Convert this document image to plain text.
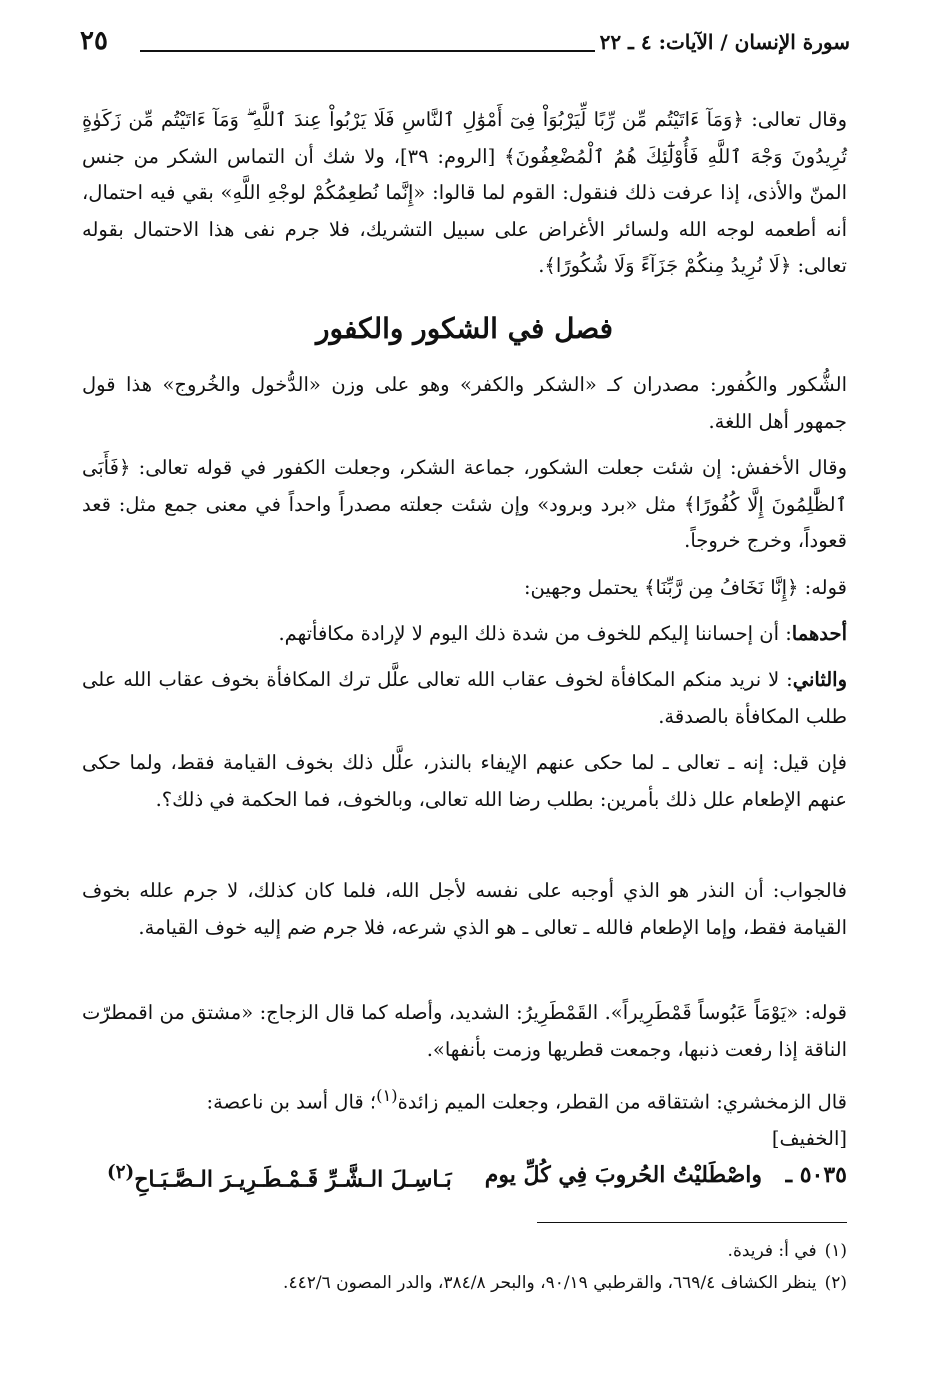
سورة الإنسان / الآيات: ٤ ـ ٢٢
٢٥
وقال تعالى: ﴿وَمَآ ءَاتَيْتُم مِّن رِّبًا لِّيَرْبُوَاْ فِىٓ أَمْوَٰلِ ٱلنَّاسِ فَلَا يَرْبُواْ عِندَ ٱللَّهِ ۖ وَمَآ ءَاتَيْتُم مِّن زَكَوٰةٍ تُرِيدُونَ وَجْهَ ٱللَّهِ فَأُوْلَٰٓئِكَ هُمُ ٱلْمُضْعِفُونَ﴾ [الروم: ٣٩]، ولا شك أن التماس الشكر من جنس المنّ والأذى، إذا عرفت ذلك فنقول: القوم لما قالوا: «إِنَّما نُطعِمُكُمْ لوجْهِ اللَّهِ» بقي فيه احتمال، أنه أطعمه لوجه الله ولسائر الأغراض على سبيل التشريك، فلا جرم نفى هذا الاحتمال بقوله تعالى: ﴿لَا نُرِيدُ مِنكُمْ جَزَآءً وَلَا شُكُورًا﴾.
فصل في الشكور والكفور
الشُّكور والكُفور: مصدران كـ «الشكر والكفر» وهو على وزن «الدُّخول والخُروج» هذا قول جمهور أهل اللغة.
وقال الأخفش: إن شئت جعلت الشكور، جماعة الشكر، وجعلت الكفور في قوله تعالى: ﴿فَأَبَى ٱلظَّٰلِمُونَ إِلَّا كُفُورًا﴾ مثل «برد وبرود» وإن شئت جعلته مصدراً واحداً في معنى جمع مثل: قعد قعوداً، وخرج خروجاً.
قوله: ﴿إِنَّا نَخَافُ مِن رَّبِّنَا﴾ يحتمل وجهين:
أحدهما: أن إحساننا إليكم للخوف من شدة ذلك اليوم لا لإرادة مكافأتهم.
والثاني: لا نريد منكم المكافأة لخوف عقاب الله تعالى علَّل ترك المكافأة بخوف عقاب الله على طلب المكافأة بالصدقة.
فإن قيل: إنه ـ تعالى ـ لما حكى عنهم الإيفاء بالنذر، علَّل ذلك بخوف القيامة فقط، ولما حكى عنهم الإطعام علل ذلك بأمرين: بطلب رضا الله تعالى، وبالخوف، فما الحكمة في ذلك؟.
فالجواب: أن النذر هو الذي أوجبه على نفسه لأجل الله، فلما كان كذلك، لا جرم علله بخوف القيامة فقط، وإما الإطعام فالله ـ تعالى ـ هو الذي شرعه، فلا جرم ضم إليه خوف القيامة.
قوله: «يَوْمَاً عَبُوساً قَمْطَرِيراً». القَمْطَرِيرُ: الشديد، وأصله كما قال الزجاج: «مشتق من اقمطرّت الناقة إذا رفعت ذنبها، وجمعت قطريها وزمت بأنفها».
قال الزمخشري: اشتقاقه من القطر، وجعلت الميم زائدة$^{(١)}$؛ قال أسد بن ناعصة:
[الخفيف]
٥٠٣٥ ـ
واصْطَليْتُ الحُروبَ فِي كُلِّ يوم
بَـاسِـلَ الـشَّـرِّ قَـمْـطَـرِيـرَ الـصَّـبَـاحِ$^{(٢)}$
(١)في أ: فريدة.
(٢)ينظر الكشاف ٦٦٩/٤، والقرطبي ٩٠/١٩، والبحر ٣٨٤/٨، والدر المصون ٤٤٢/٦.
